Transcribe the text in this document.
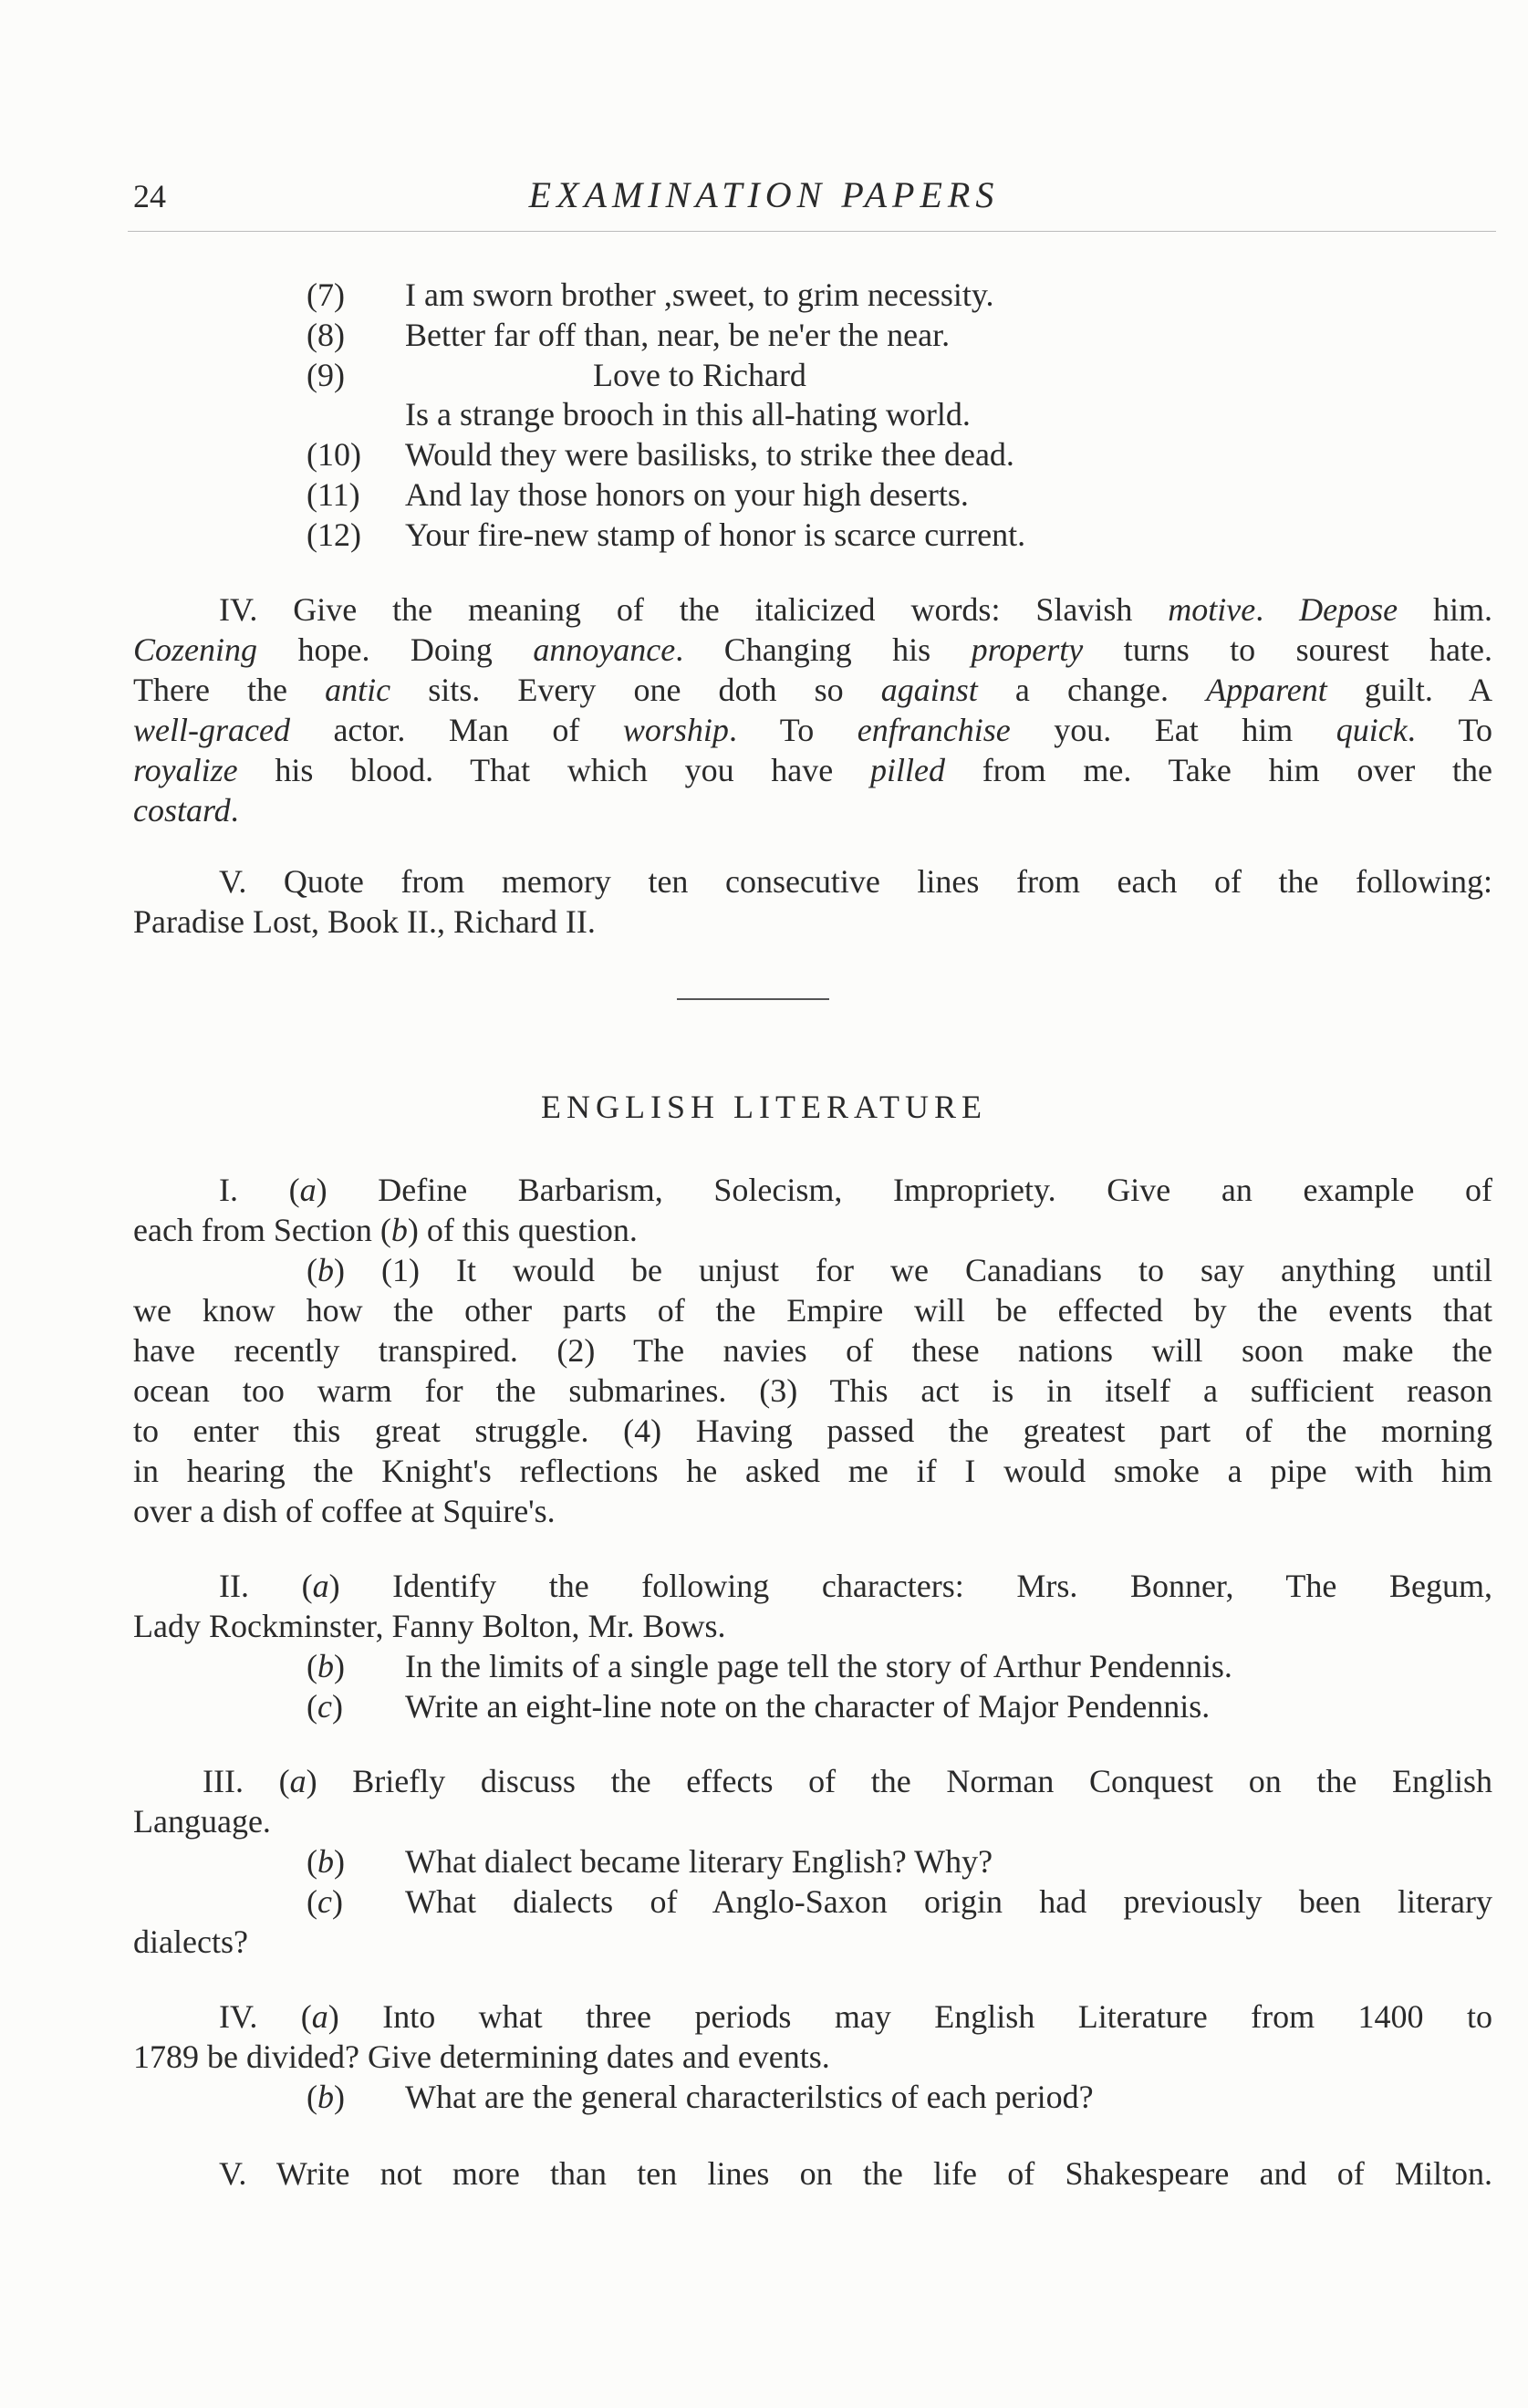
24	EXAMINATION PAPERS
(7) I am sworn brother ,sweet, to grim necessity.
(8) Better far off than, near, be ne'er the near.
(9)	Love to Richard
Is a strange brooch in this all-hating world.
(10) Would they were basilisks, to strike thee dead.
(11) And lay those honors on your high deserts.
(12) Your fire-new stamp of honor is scarce current.
IV. Give the meaning of the italicized words: Slavish motive. Depose him.
Cozening hope. Doing annoyance. Changing his property turns to sourest hate.
There the antic sits. Every one doth so against a change. Apparent guilt. A
well-graced actor. Man of worship. To enfranchise you. Eat him quick. To
royalize his blood. That which you have pilled from me. Take him over the
costard.
V. Quote from memory ten consecutive lines from each of the following:
Paradise Lost, Book II., Richard II.
ENGLISH LITERATURE
I. (a) Define Barbarism, Solecism, Impropriety. Give an example of
each from Section (b) of this question.
(b) (1) It would be unjust for we Canadians to say anything until
we know how the other parts of the Empire will be effected by the events that
have recently transpired. (2) The navies of these nations will soon make the
ocean too warm for the submarines. (3) This act is in itself a sufficient reason
to enter this great struggle. (4) Having passed the greatest part of the morning
in hearing the Knight's reflections he asked me if I would smoke a pipe with him
over a dish of coffee at Squire's.
II. (a) Identify the following characters: Mrs. Bonner, The Begum,
Lady Rockminster, Fanny Bolton, Mr. Bows.
(b) In the limits of a single page tell the story of Arthur Pendennis.
(c) Write an eight-line note on the character of Major Pendennis.
III. (a) Briefly discuss the effects of the Norman Conquest on the English
Language.
(b) What dialect became literary English? Why?
(c) What dialects of Anglo-Saxon origin had previously been literary
dialects?
IV. (a) Into what three periods may English Literature from 1400 to
1789 be divided? Give determining dates and events.
(b) What are the general characterilstics of each period?
V. Write not more than ten lines on the life of Shakespeare and of Milton.
